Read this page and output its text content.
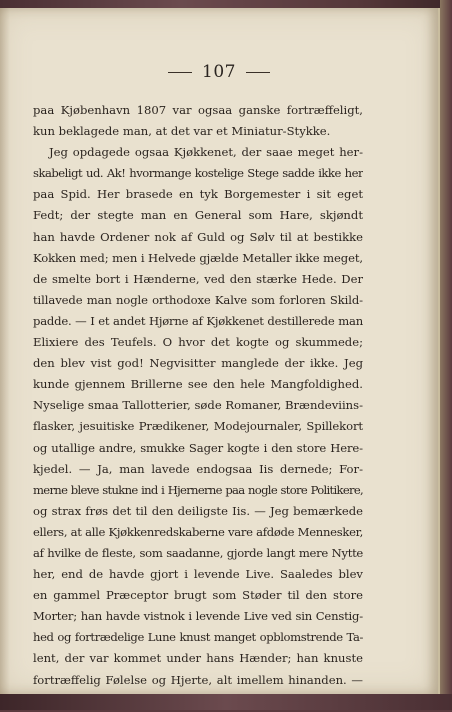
107
paa Kjøbenhavn 1807 var ogsaa ganske fortræffeligt,
kun beklagede man, at det var et Miniatur-Stykke.
Jeg opdagede ogsaa Kjøkkenet, der saae meget her-
skabeligt ud. Ak! hvormange kostelige Stege sadde ikke her
paa Spid. Her brasede en tyk Borgemester i sit eget
Fedt; der stegte man en General som Hare, skjøndt
han havde Ordener nok af Guld og Sølv til at bestikke
Kokken med; men i Helvede gjælde Metaller ikke meget,
de smelte bort i Hænderne, ved den stærke Hede. Der
tillavede man nogle orthodoxe Kalve som forloren Skild-
padde. — I et andet Hjørne af Kjøkkenet destillerede man
Elixiere des Teufels. O hvor det kogte og skummede;
den blev vist god! Negvisitter manglede der ikke. Jeg
kunde gjennem Brillerne see den hele Mangfoldighed.
Nyselige smaa Tallotterier, søde Romaner, Brændeviins-
flasker, jesuitiske Prædikener, Modejournaler, Spillekort
og utallige andre, smukke Sager kogte i den store Here-
kjedel. — Ja, man lavede endogsaa Iis dernede; For-
merne bleve stukne ind i Hjernerne paa nogle store Politikere,
og strax frøs det til den deiligste Iis. — Jeg bemærkede
ellers, at alle Kjøkkenredskaberne vare afdøde Mennesker,
af hvilke de fleste, som saadanne, gjorde langt mere Nytte
her, end de havde gjort i levende Live. Saaledes blev
en gammel Præceptor brugt som Støder til den store
Morter; han havde vistnok i levende Live ved sin Censtig-
hed og fortrædelige Lune knust manget opblomstrende Ta-
lent, der var kommet under hans Hænder; han knuste
fortræffelig Følelse og Hjerte, alt imellem hinanden. —
